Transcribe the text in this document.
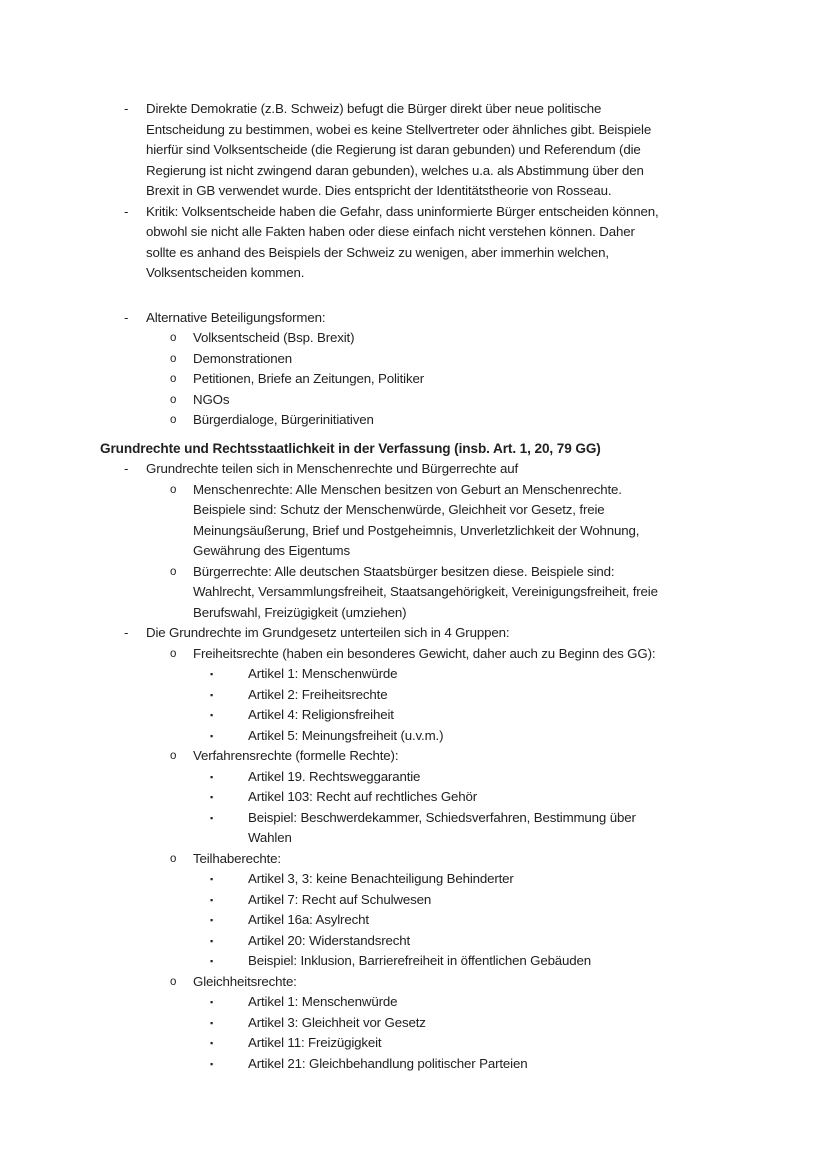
- Direkte Demokratie (z.B. Schweiz) befugt die Bürger direkt über neue politische
Entscheidung zu bestimmen, wobei es keine Stellvertreter oder ähnliches gibt. Beispiele
hierfür sind Volksentscheide (die Regierung ist daran gebunden) und Referendum (die
Regierung ist nicht zwingend daran gebunden), welches u.a. als Abstimmung über den
Brexit in GB verwendet wurde. Dies entspricht der Identitätstheorie von Rosseau.
- Kritik: Volksentscheide haben die Gefahr, dass uninformierte Bürger entscheiden können,
obwohl sie nicht alle Fakten haben oder diese einfach nicht verstehen können. Daher
sollte es anhand des Beispiels der Schweiz zu wenigen, aber immerhin welchen,
Volksentscheiden kommen.
- Alternative Beteiligungsformen:
o Volksentscheid (Bsp. Brexit)
o Demonstrationen
o Petitionen, Briefe an Zeitungen, Politiker
o NGOs
o Bürgerdialoge, Bürgerinitiativen
Grundrechte und Rechtsstaatlichkeit in der Verfassung (insb. Art. 1, 20, 79 GG)
- Grundrechte teilen sich in Menschenrechte und Bürgerrechte auf
o Menschenrechte: Alle Menschen besitzen von Geburt an Menschenrechte.
Beispiele sind: Schutz der Menschenwürde, Gleichheit vor Gesetz, freie
Meinungsäußerung, Brief und Postgeheimnis, Unverletzlichkeit der Wohnung,
Gewährung des Eigentums
o Bürgerrechte: Alle deutschen Staatsbürger besitzen diese. Beispiele sind:
Wahlrecht, Versammlungsfreiheit, Staatsangehörigkeit, Vereinigungsfreiheit, freie
Berufswahl, Freizügigkeit (umziehen)
- Die Grundrechte im Grundgesetz unterteilen sich in 4 Gruppen:
o Freiheitsrechte (haben ein besonderes Gewicht, daher auch zu Beginn des GG):
▪	Artikel 1: Menschenwürde
▪	Artikel 2: Freiheitsrechte
▪	Artikel 4: Religionsfreiheit
▪	Artikel 5: Meinungsfreiheit (u.v.m.)
o Verfahrensrechte (formelle Rechte):
▪	Artikel 19. Rechtsweggarantie
▪	Artikel 103: Recht auf rechtliches Gehör
▪	Beispiel: Beschwerdekammer, Schiedsverfahren, Bestimmung über
Wahlen
o Teilhaberechte:
▪	Artikel 3, 3: keine Benachteiligung Behinderter
▪	Artikel 7: Recht auf Schulwesen
▪	Artikel 16a: Asylrecht
▪	Artikel 20: Widerstandsrecht
▪	Beispiel: Inklusion, Barrierefreiheit in öffentlichen Gebäuden
o Gleichheitsrechte:
▪	Artikel 1: Menschenwürde
▪	Artikel 3: Gleichheit vor Gesetz
▪	Artikel 11: Freizügigkeit
▪	Artikel 21: Gleichbehandlung politischer Parteien
